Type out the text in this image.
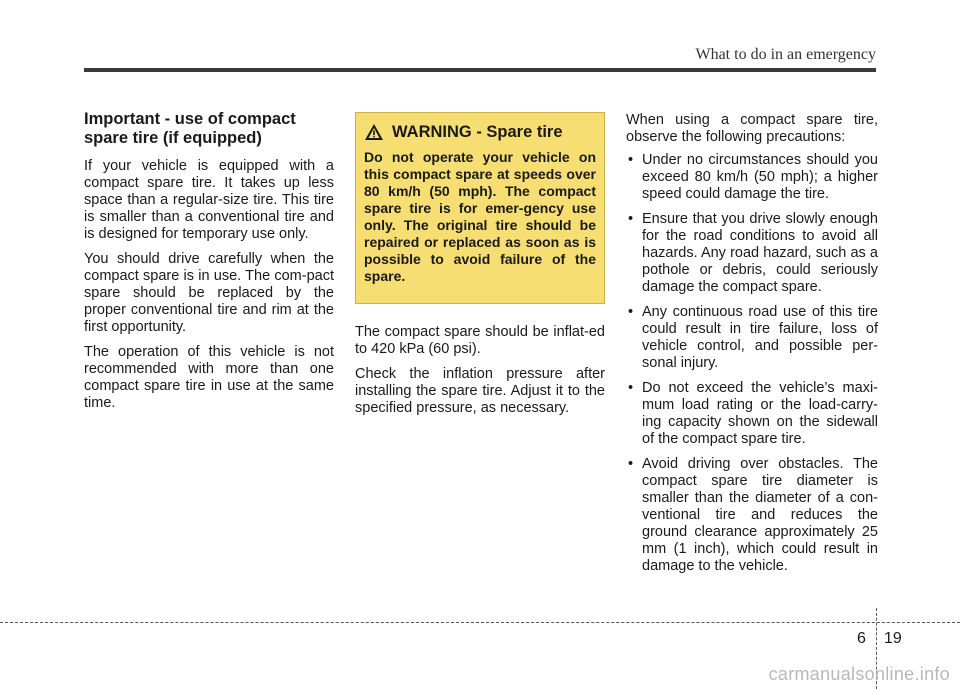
What to do in an emergency
Important - use of compact spare tire (if equipped)

If your vehicle is equipped with a compact spare tire. It takes up less space than a regular-size tire. This tire is smaller than a conventional tire and is designed for temporary use only.

You should drive carefully when the compact spare is in use. The com-pact spare should be replaced by the proper conventional tire and rim at the first opportunity.

The operation of this vehicle is not recommended with more than one compact spare tire in use at the same time.

WARNING - Spare tire

Do not operate your vehicle on this compact spare at speeds over 80 km/h (50 mph). The compact spare tire is for emer-gency use only. The original tire should be repaired or replaced as soon as is possible to avoid failure of the spare.

The compact spare should be inflat-ed to 420 kPa (60 psi).

Check the inflation pressure after installing the spare tire. Adjust it to the specified pressure, as necessary.

When using a compact spare tire, observe the following precautions:

• Under no circumstances should you exceed 80 km/h (50 mph); a higher speed could damage the tire.
• Ensure that you drive slowly enough for the road conditions to avoid all hazards. Any road hazard, such as a pothole or debris, could seriously damage the compact spare.
• Any continuous road use of this tire could result in tire failure, loss of vehicle control, and possible per-sonal injury.
• Do not exceed the vehicle’s maxi-mum load rating or the load-carry-ing capacity shown on the sidewall of the compact spare tire.
• Avoid driving over obstacles. The compact spare tire diameter is smaller than the diameter of a con-ventional tire and reduces the ground clearance approximately 25 mm (1 inch), which could result in damage to the vehicle.
6 19
carmanualsonline.info
